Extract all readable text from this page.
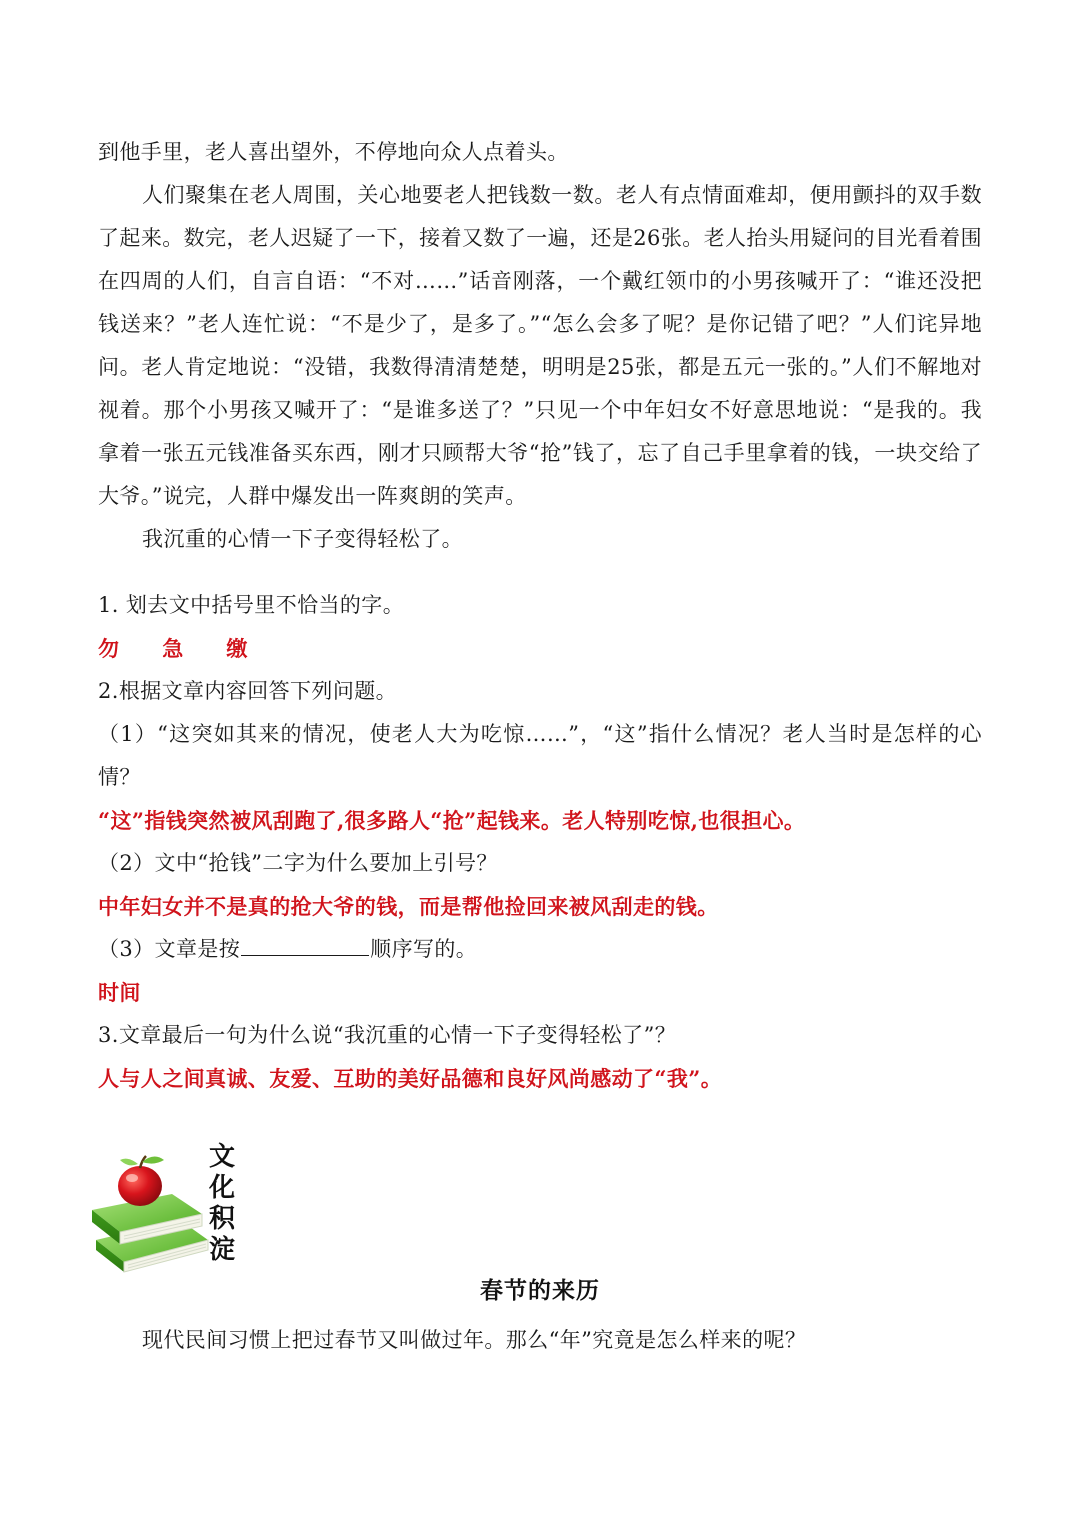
到他手里，老人喜出望外，不停地向众人点着头。

人们聚集在老人周围，关心地要老人把钱数一数。老人有点情面难却，便用颤抖的双手数了起来。数完，老人迟疑了一下，接着又数了一遍，还是26张。老人抬头用疑问的目光看着围在四周的人们，自言自语：“不对……”话音刚落，一个戴红领巾的小男孩喊开了：“谁还没把钱送来？”老人连忙说：“不是少了，是多了。”“怎么会多了呢？是你记错了吧？”人们诧异地问。老人肯定地说：“没错，我数得清清楚楚，明明是25张，都是五元一张的。”人们不解地对视着。那个小男孩又喊开了：“是谁多送了？”只见一个中年妇女不好意思地说：“是我的。我拿着一张五元钱准备买东西，刚才只顾帮大爷“抢”钱了，忘了自己手里拿着的钱，一块交给了大爷。”说完，人群中爆发出一阵爽朗的笑声。

我沉重的心情一下子变得轻松了。

1. 划去文中括号里不恰当的字。

勿　　急　　缴

2.根据文章内容回答下列问题。

（1）“这突如其来的情况，使老人大为吃惊……”，“这”指什么情况？老人当时是怎样的心情？

“这”指钱突然被风刮跑了,很多路人“抢”起钱来。老人特别吃惊,也很担心。

（2）文中“抢钱”二字为什么要加上引号？

中年妇女并不是真的抢大爷的钱，而是帮他捡回来被风刮走的钱。

（3）文章是按	顺序写的。

时间

3.文章最后一句为什么说“我沉重的心情一下子变得轻松了”？

人与人之间真诚、友爱、互助的美好品德和良好风尚感动了“我”。

文
化
积
淀
春节的来历

现代民间习惯上把过春节又叫做过年。那么“年”究竟是怎么样来的呢？
